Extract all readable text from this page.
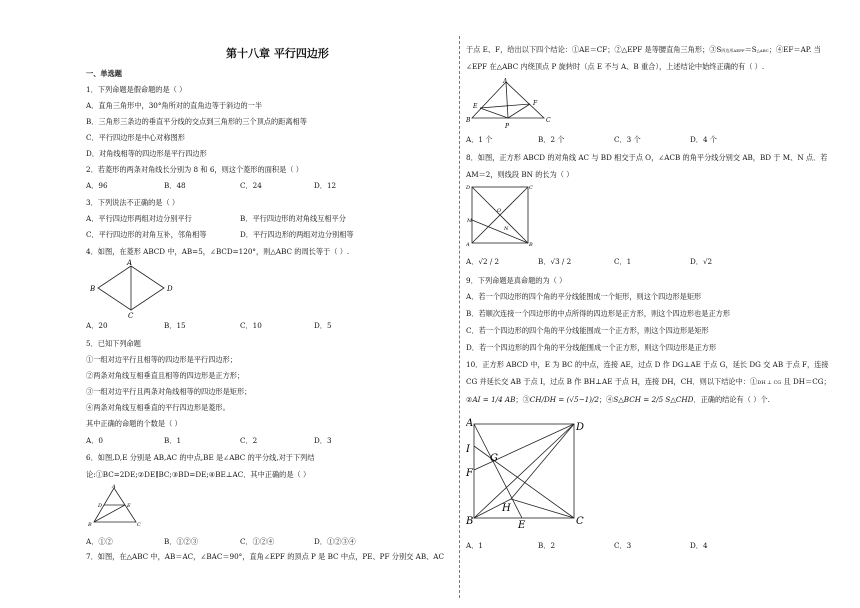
第十八章 平行四边形
一、单选题
1．下列命题是假命题的是（ ）
A．直角三角形中，30°角所对的直角边等于斜边的一半
B．三角形三条边的垂直平分线的交点到三角形的三个顶点的距离相等
C．平行四边形是中心对称图形
D．对角线相等的四边形是平行四边形
2．若菱形的两条对角线长分别为 8 和 6，则这个菱形的面积是（ ）
A．96	B．48	C．24	D．12
3．下列说法不正确的是（ ）
A．平行四边形两组对边分别平行	B．平行四边形的对角线互相平分
C．平行四边形的对角互补，邻角相等	D．平行四边形的两组对边分别相等
4．如图，在菱形 ABCD 中，AB=5，∠BCD=120°，则△ABC 的周长等于（ ）.
A
B
C
D
A．20	B．15	C．10	D．5
5．已知下列命题
①一组对边平行且相等的四边形是平行四边形；
②两条对角线互相垂直且相等的四边形是正方形；
③一组对边平行且两条对角线相等的四边形是矩形；
④两条对角线互相垂直的平行四边形是菱形。
其中正确的命题的个数是（ ）
A．0	B．1	C．2	D．3
6．如图,D,E 分别是 AB,AC 的中点,BE 是∠ABC 的平分线,对于下列结
论:①BC=2DE;②DE∥BC;③BD=DE;④BE⊥AC．其中正确的是（ ）
A
B	C
D	E
A．①②	B．①②③	C．①②④	D．①②③④
7．如图，在△ABC 中，AB＝AC，∠BAC＝90°，直角∠EPF 的顶点 P 是 BC 中点，PE、PF 分别交 AB、AC
于点 E、F，给出以下四个结论：①AE＝CF；②△EPF 是等腰直角三角形；③S四边形AEPF＝S△ABC；④EF＝AP. 当
∠EPF 在△ABC 内绕顶点 P 旋转时（点 E 不与 A、B 重合），上述结论中始终正确的有（ ）.
A
B	C
E	F
P
A．1 个	B．2 个	C．3 个	D．4 个
8．如图，正方形 ABCD 的对角线 AC 与 BD 相交于点 O，∠ACB 的角平分线分别交 AB，BD 于 M、N 点．若
AM＝2，则线段 BN 的长为（ ）
D	C
A	B
O
N
M
A．√2 / 2	B．√3 / 2	C．1	D．√2
9．下列命题是真命题的为（ ）
A．若一个四边形的四个角的平分线能围成一个矩形，则这个四边形是矩形
B．若顺次连接一个四边形的中点所得的四边形是正方形，则这个四边形也是正方形
C．若一个四边形的四个角的平分线能围成一个正方形，则这个四边形是矩形
D．若一个四边形的四个角的平分线能围成一个正方形，则这个四边形是正方形
10．正方形 ABCD 中，E 为 BC 的中点，连接 AE，过点 D 作 DG⊥AE 于点 G，延长 DG 交 AB 于点 F，连接
CG 并延长交 AB 于点 I，过点 B 作 BH⊥AE 于点 H，连接 DH，CH．则以下结论中：①DH ⊥ CG 且 DH＝CG；
②AI = 1/4 AB；③CH/DH = (√5−1)/2；④S△BCH = 2/5 S△CHD．正确的结论有（ ）个.
A	D
B	C
E
F
G
H
I
A．1	B．2	C．3	D．4
